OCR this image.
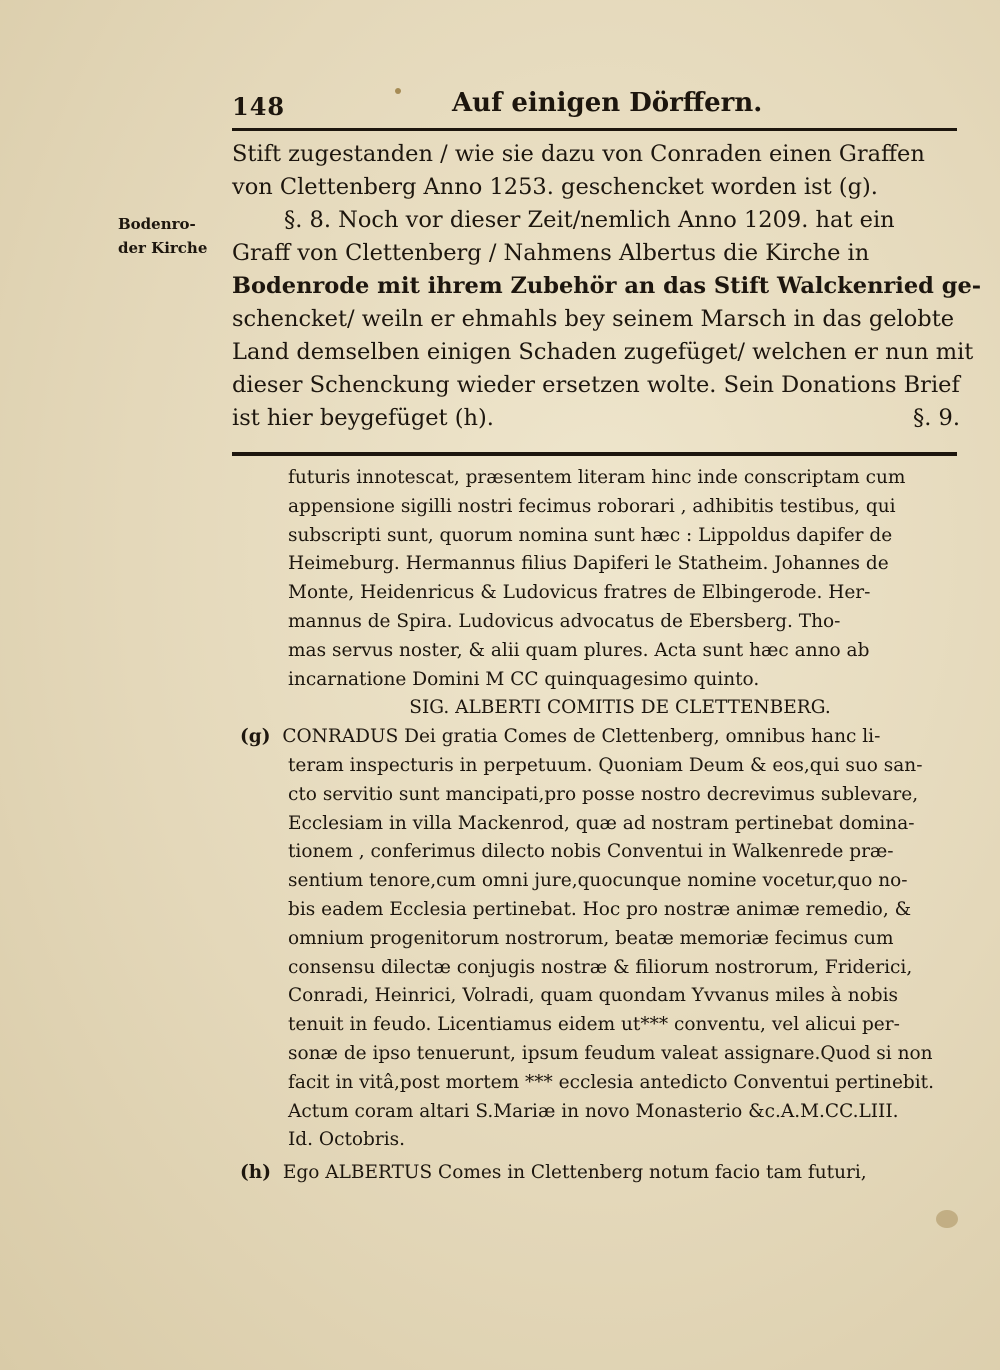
148	Auf einigen Dörffern.
Bodenro-
der Kirche
Stift zugestanden / wie sie dazu von Conraden einen Graffen
von Clettenberg Anno 1253. geschencket worden ist (g).
§. 8. Noch vor dieser Zeit/nemlich Anno 1209. hat ein
Graff von Clettenberg / Nahmens Albertus die Kirche in
Bodenrode mit ihrem Zubehör an das Stift Walckenried ge-
schencket/ weiln er ehmahls bey seinem Marsch in das gelobte
Land demselben einigen Schaden zugefüget/ welchen er nun mit
dieser Schenckung wieder ersetzen wolte. Sein Donations Brief
ist hier beygefüget (h).	§. 9.
futuris innotescat, præsentem literam hinc inde conscriptam cum
appensione sigilli nostri fecimus roborari , adhibitis testibus, qui
subscripti sunt, quorum nomina sunt hæc : Lippoldus dapifer de
Heimeburg. Hermannus filius Dapiferi le Statheim. Johannes de
Monte, Heidenricus & Ludovicus fratres de Elbingerode. Her-
mannus de Spira. Ludovicus advocatus de Ebersberg. Tho-
mas servus noster, & alii quam plures. Acta sunt hæc anno ab
incarnatione Domini M CC quinquagesimo quinto.
SIG. ALBERTI COMITIS DE CLETTENBERG.
(g) CONRADUS Dei gratia Comes de Clettenberg, omnibus hanc li-
teram inspecturis in perpetuum. Quoniam Deum & eos,qui suo san-
cto servitio sunt mancipati,pro posse nostro decrevimus sublevare,
Ecclesiam in villa Mackenrod, quæ ad nostram pertinebat domina-
tionem , conferimus dilecto nobis Conventui in Walkenrede præ-
sentium tenore,cum omni jure,quocunque nomine vocetur,quo no-
bis eadem Ecclesia pertinebat. Hoc pro nostræ animæ remedio, &
omnium progenitorum nostrorum, beatæ memoriæ fecimus cum
consensu dilectæ conjugis nostræ & filiorum nostrorum, Friderici,
Conradi, Heinrici, Volradi, quam quondam Yvvanus miles à nobis
tenuit in feudo. Licentiamus eidem ut*** conventu, vel alicui per-
sonæ de ipso tenuerunt, ipsum feudum valeat assignare.Quod si non
facit in vitâ,post mortem *** ecclesia antedicto Conventui pertinebit.
Actum coram altari S.Mariæ in novo Monasterio &c.A.M.CC.LIII.
Id. Octobris.
(h) Ego ALBERTUS Comes in Clettenberg notum facio tam futuri,
